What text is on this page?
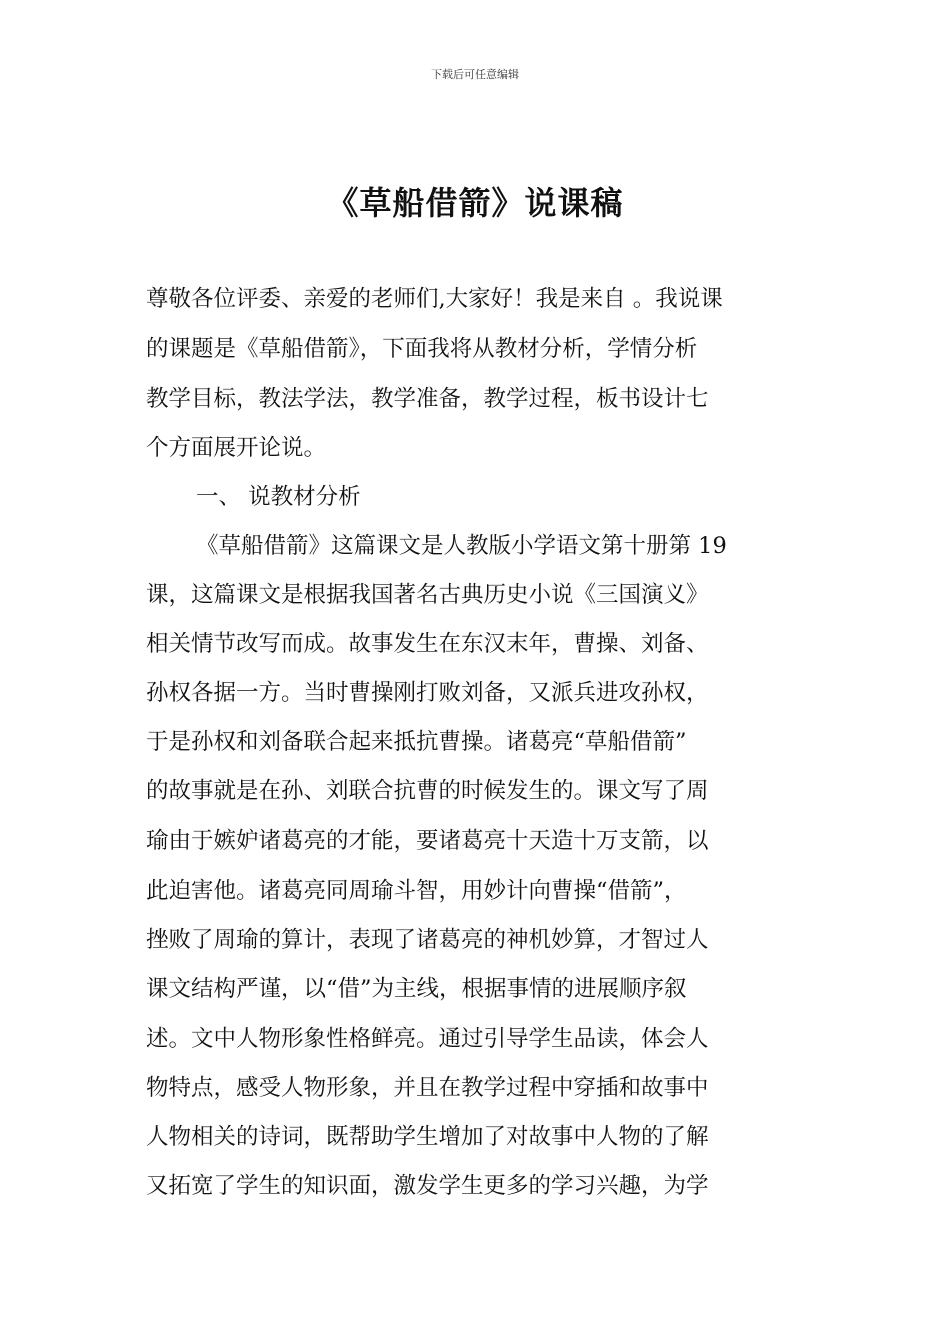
下载后可任意编辑
《草船借箭》说课稿
尊敬各位评委、亲爱的老师们,大家好！我是来自 。我说课
的课题是《草船借箭》，下面我将从教材分析，学情分析
教学目标，教法学法，教学准备，教学过程，板书设计七
个方面展开论说。
一、 说教材分析
《草船借箭》这篇课文是人教版小学语文第十册第 19
课，这篇课文是根据我国著名古典历史小说《三国演义》
相关情节改写而成。故事发生在东汉末年，曹操、刘备、
孙权各据一方。当时曹操刚打败刘备，又派兵进攻孙权，
于是孙权和刘备联合起来抵抗曹操。诸葛亮“草船借箭”
的故事就是在孙、刘联合抗曹的时候发生的。课文写了周
瑜由于嫉妒诸葛亮的才能，要诸葛亮十天造十万支箭，以
此迫害他。诸葛亮同周瑜斗智，用妙计向曹操“借箭”，
挫败了周瑜的算计，表现了诸葛亮的神机妙算，才智过人
课文结构严谨，以“借”为主线，根据事情的进展顺序叙
述。文中人物形象性格鲜亮。通过引导学生品读，体会人
物特点，感受人物形象，并且在教学过程中穿插和故事中
人物相关的诗词，既帮助学生增加了对故事中人物的了解
又拓宽了学生的知识面，激发学生更多的学习兴趣，为学
